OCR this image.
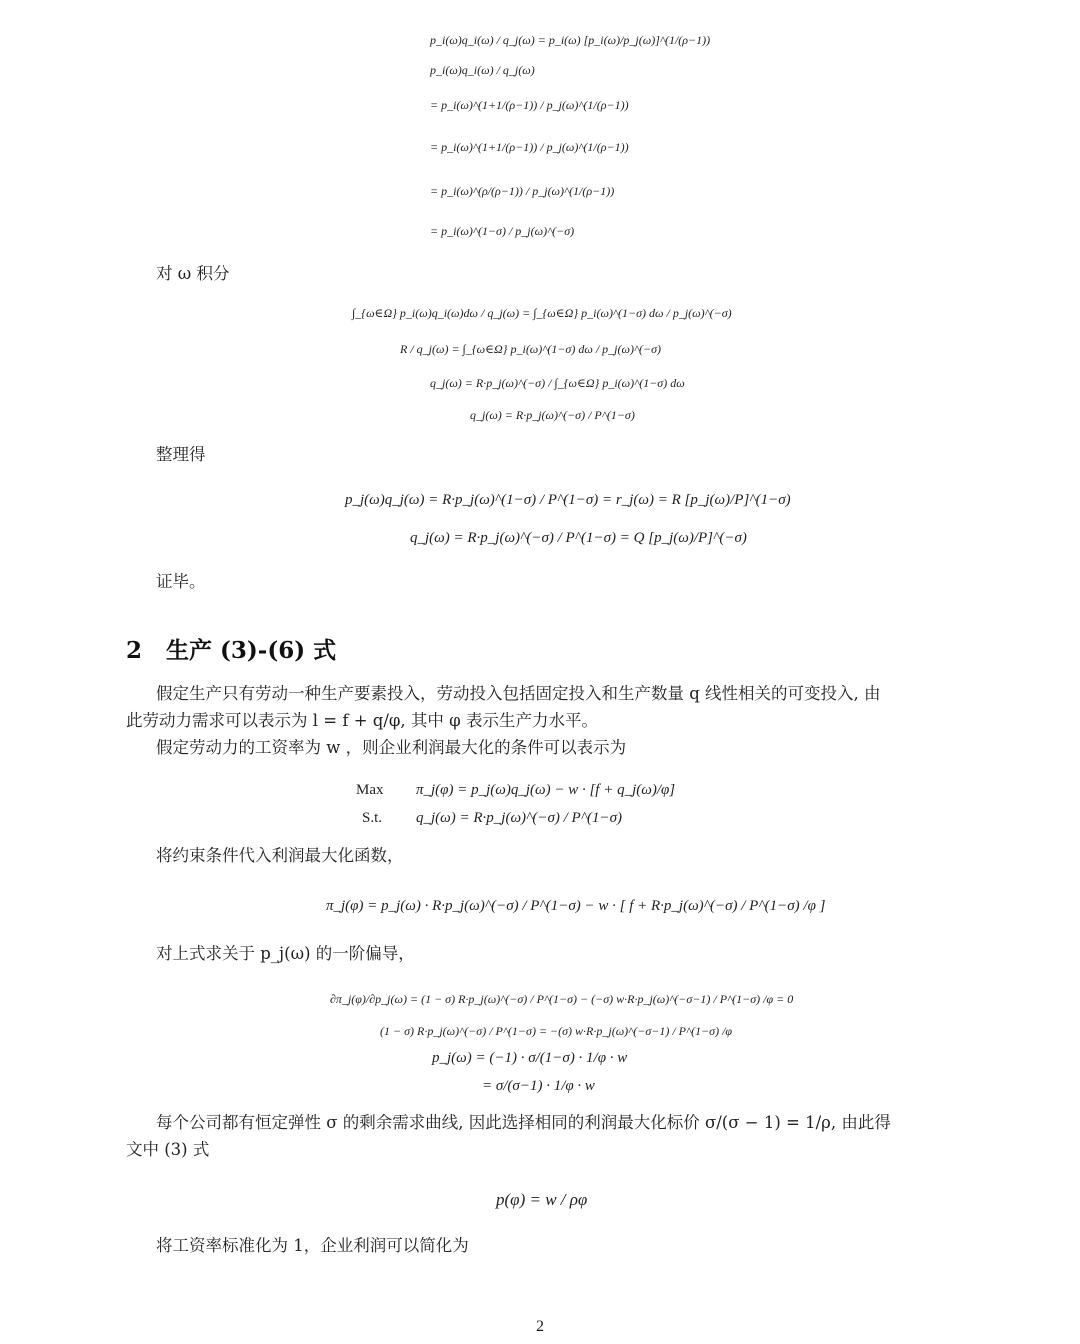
p_i(ω)q_i(ω) / q_j(ω) = p_i(ω) [p_i(ω)/p_j(ω)]^(1/(ρ−1))
p_i(ω)q_i(ω) / q_j(ω)
= p_i(ω)^(1+1/(ρ−1)) / p_j(ω)^(1/(ρ−1))
= p_i(ω)^(1+1/(ρ−1)) / p_j(ω)^(1/(ρ−1))
= p_i(ω)^(ρ/(ρ−1)) / p_j(ω)^(1/(ρ−1))
= p_i(ω)^(1−σ) / p_j(ω)^(−σ)
对 ω 积分
∫_{ω∈Ω} p_i(ω)q_i(ω)dω / q_j(ω) = ∫_{ω∈Ω} p_i(ω)^(1−σ) dω / p_j(ω)^(−σ)
R / q_j(ω) = ∫_{ω∈Ω} p_i(ω)^(1−σ) dω / p_j(ω)^(−σ)
q_j(ω) = R·p_j(ω)^(−σ) / ∫_{ω∈Ω} p_i(ω)^(1−σ) dω
q_j(ω) = R·p_j(ω)^(−σ) / P^(1−σ)
整理得
p_j(ω)q_j(ω) = R·p_j(ω)^(1−σ) / P^(1−σ) = r_j(ω) = R [p_j(ω)/P]^(1−σ)
q_j(ω) = R·p_j(ω)^(−σ) / P^(1−σ) = Q [p_j(ω)/P]^(−σ)
证毕。
2 生产 (3)-(6) 式
假定生产只有劳动一种生产要素投入，劳动投入包括固定投入和生产数量 q 线性相关的可变投入, 由
此劳动力需求可以表示为 l = f + q/φ, 其中 φ 表示生产力水平。
假定劳动力的工资率为 w ，则企业利润最大化的条件可以表示为
Max π_j(φ) = p_j(ω)q_j(ω) − w · [f + q_j(ω)/φ]
S.t. q_j(ω) = R·p_j(ω)^(−σ) / P^(1−σ)
将约束条件代入利润最大化函数，
π_j(φ) = p_j(ω) · R·p_j(ω)^(−σ) / P^(1−σ) − w · [ f + R·p_j(ω)^(−σ) / P^(1−σ) /φ ]
对上式求关于 p_j(ω) 的一阶偏导，
∂π_j(φ)/∂p_j(ω) = (1 − σ) R·p_j(ω)^(−σ) / P^(1−σ) − (−σ) w·R·p_j(ω)^(−σ−1) / P^(1−σ) /φ = 0
(1 − σ) R·p_j(ω)^(−σ) / P^(1−σ) = −(σ) w·R·p_j(ω)^(−σ−1) / P^(1−σ) /φ
p_j(ω) = (−1) · σ/(1−σ) · 1/φ · w
= σ/(σ−1) · 1/φ · w
每个公司都有恒定弹性 σ 的剩余需求曲线, 因此选择相同的利润最大化标价 σ/(σ − 1) = 1/ρ, 由此得
文中 (3) 式
p(φ) = w / ρφ
将工资率标准化为 1，企业利润可以简化为
2
